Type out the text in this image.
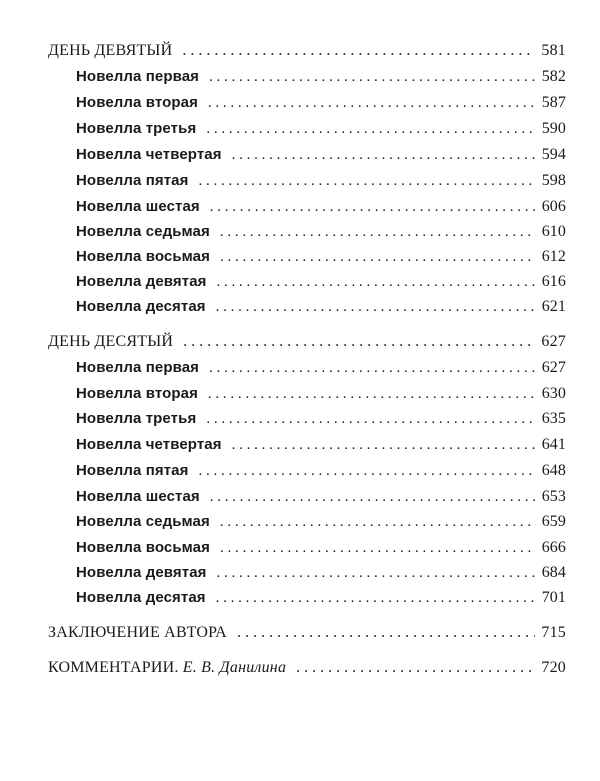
ДЕНЬ ДЕВЯТЫЙ . . .	581
Новелла первая . . .	582
Новелла вторая . . .	587
Новелла третья . . .	590
Новелла четвертая . . .	594
Новелла пятая . . .	598
Новелла шестая . . .	606
Новелла седьмая . . .	610
Новелла восьмая . . .	612
Новелла девятая . . .	616
Новелла десятая . . .	621
ДЕНЬ ДЕСЯТЫЙ . . .	627
Новелла первая . . .	627
Новелла вторая . . .	630
Новелла третья . . .	635
Новелла четвертая . . .	641
Новелла пятая . . .	648
Новелла шестая . . .	653
Новелла седьмая . . .	659
Новелла восьмая . . .	666
Новелла девятая . . .	684
Новелла десятая . . .	701
ЗАКЛЮЧЕНИЕ АВТОРА . . .	715
КОММЕНТАРИИ. Е. В. Данилина . . .	720
